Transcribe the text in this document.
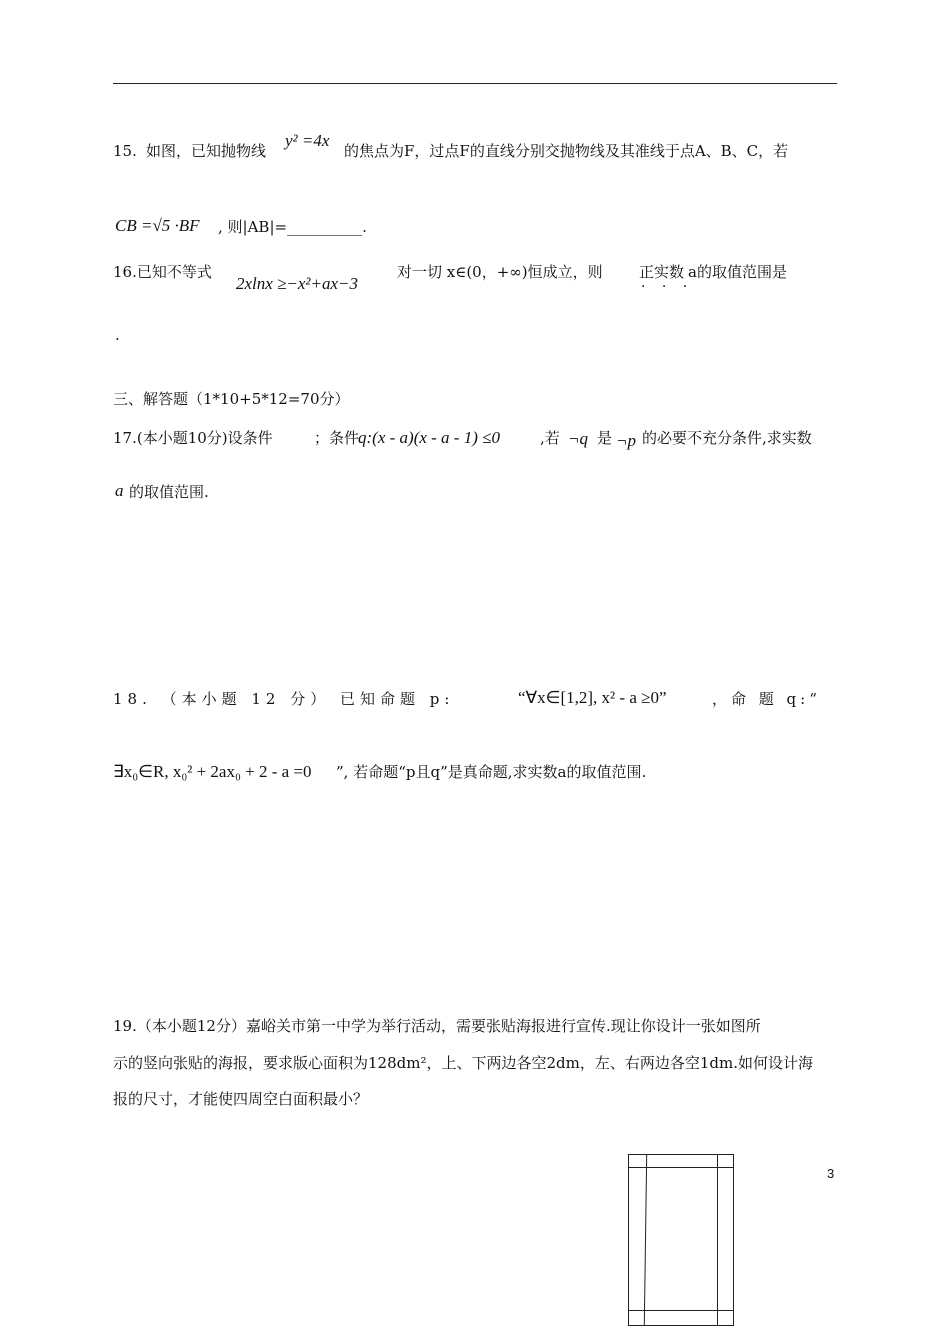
15. 如图，已知抛物线
y² =4x
的焦点为F，过点F的直线分别交抛物线及其准线于点A、B、C，若
CB =√5 ·BF , 则|AB|=__________.
16.已知不等式
2xlnx ≥−x²+ax−3
对一切 x∈(0，+∞)恒成立，则 正实数 · · · a的取值范围是
.
三、解答题（1*10+5*12=70分）
17.(本小题10分)设条件	；条件
q:(x - a)(x - a - 1) ≤0	,若 ¬q 是 ¬p 的必要不充分条件,求实数
a 的取值范围.
18. （本小题 12 分） 已知命题 p:	“∀x∈[1,2], x² - a ≥0”	，命 题 q:“
∃x₀∈R, x₀² + 2ax₀ + 2 - a =0 ”, 若命题“p且q”是真命题,求实数a的取值范围.
19.（本小题12分）嘉峪关市第一中学为举行活动，需要张贴海报进行宣传.现让你设计一张如图所
示的竖向张贴的海报，要求版心面积为128dm²，上、下两边各空2dm，左、右两边各空1dm.如何设计海
报的尺寸，才能使四周空白面积最小？
3
